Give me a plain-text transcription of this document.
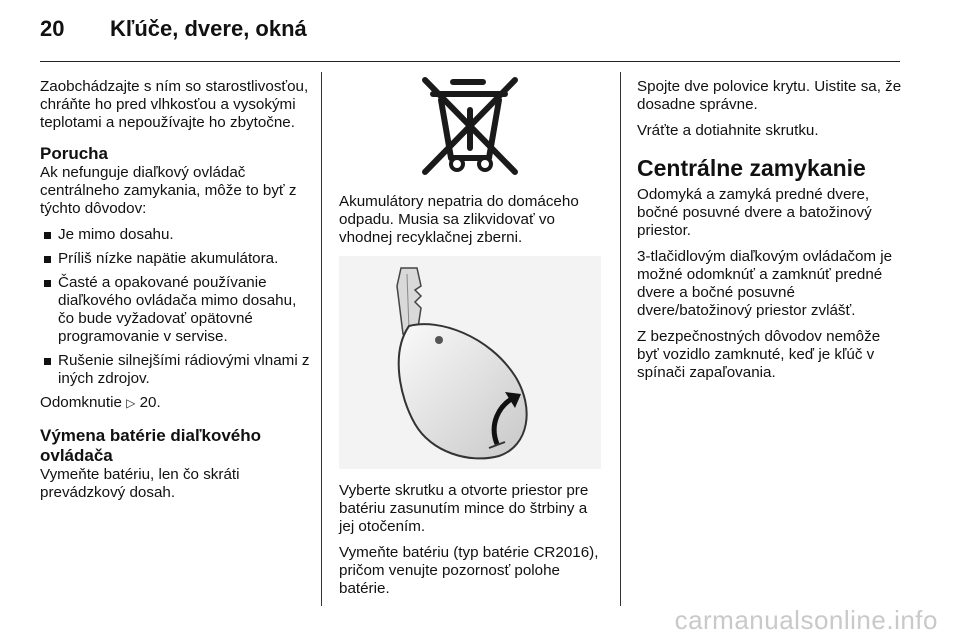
20	Kľúče, dvere, okná

Zaobchádzajte s ním so starostlivosťou, chráňte ho pred vlhkosťou a vysokými teplotami a nepoužívajte ho zbytočne.

Porucha

Ak nefunguje diaľkový ovládač centrálneho zamykania, môže to byť z týchto dôvodov:

Je mimo dosahu.
Príliš nízke napätie akumulátora.
Časté a opakované používanie diaľkového ovládača mimo dosahu, čo bude vyžadovať opätovné programovanie v servise.
Rušenie silnejšími rádiovými vlnami z iných zdrojov.

Odomknutie ▷ 20.

Výmena batérie diaľkového ovládača

Vymeňte batériu, len čo skráti prevádzkový dosah.

Akumulátory nepatria do domáceho odpadu. Musia sa zlikvidovať vo vhodnej recyklačnej zberni.

Vyberte skrutku a otvorte priestor pre batériu zasunutím mince do štrbiny a jej otočením.

Vymeňte batériu (typ batérie CR2016), pričom venujte pozornosť polohe batérie.

Spojte dve polovice krytu. Uistite sa, že dosadne správne.

Vráťte a dotiahnite skrutku.

Centrálne zamykanie

Odomyká a zamyká predné dvere, bočné posuvné dvere a batožinový priestor.

3-tlačidlovým diaľkovým ovládačom je možné odomknúť a zamknúť predné dvere a bočné posuvné dvere/batožinový priestor zvlášť.

Z bezpečnostných dôvodov nemôže byť vozidlo zamknuté, keď je kľúč v spínači zapaľovania.

carmanualsonline.info
